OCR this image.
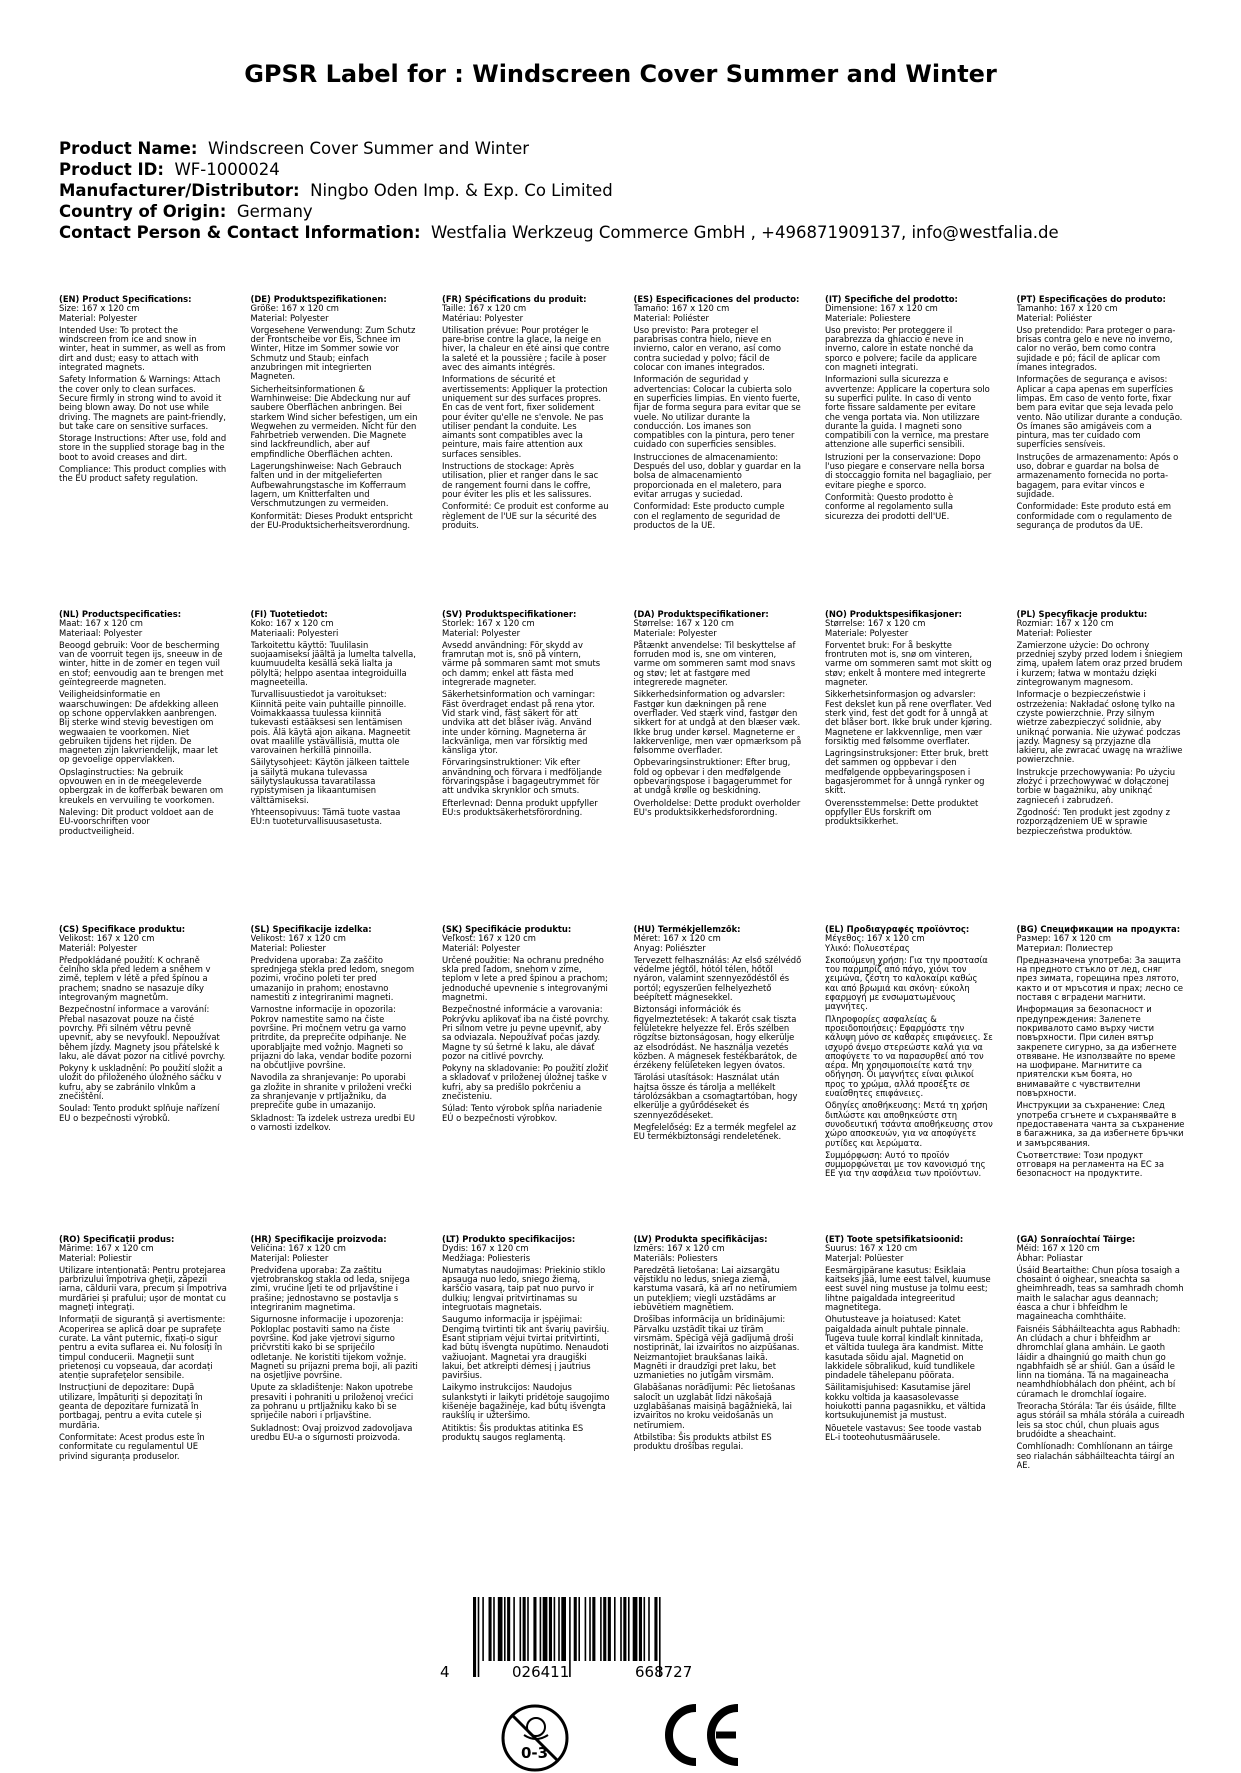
GPSR Label for : Windscreen Cover Summer and Winter
Product Name: Windscreen Cover Summer and Winter
Product ID: WF-1000024
Manufacturer/Distributor: Ningbo Oden Imp. & Exp. Co Limited
Country of Origin: Germany
Contact Person & Contact Information: Westfalia Werkzeug Commerce GmbH , +496871909137, info@westfalia.de
(EN) Product Specifications:

Size: 167 x 120 cm

Material: Polyester

Intended Use: To protect the windscreen from ice and snow in winter, heat in summer, as well as from dirt and dust; easy to attach with integrated magnets.

Safety Information & Warnings: Attach the cover only to clean surfaces. Secure firmly in strong wind to avoid it being blown away. Do not use while driving. The magnets are paint-friendly, but take care on sensitive surfaces.

Storage Instructions: After use, fold and store in the supplied storage bag in the boot to avoid creases and dirt.

Compliance: This product complies with the EU product safety regulation.

(DE) Produktspezifikationen:

Größe: 167 x 120 cm

Material: Polyester

Vorgesehene Verwendung: Zum Schutz der Frontscheibe vor Eis, Schnee im Winter, Hitze im Sommer sowie vor Schmutz und Staub; einfach anzubringen mit integrierten Magneten.

Sicherheitsinformationen & Warnhinweise: Die Abdeckung nur auf saubere Oberflächen anbringen. Bei starkem Wind sicher befestigen, um ein Wegwehen zu vermeiden. Nicht für den Fahrbetrieb verwenden. Die Magnete sind lackfreundlich, aber auf empfindliche Oberflächen achten.

Lagerungshinweise: Nach Gebrauch falten und in der mitgelieferten Aufbewahrungstasche im Kofferraum lagern, um Knitterfalten und Verschmutzungen zu vermeiden.

Konformität: Dieses Produkt entspricht der EU-Produktsicherheitsverordnung.

(FR) Spécifications du produit:

Taille: 167 x 120 cm

Matériau: Polyester

Utilisation prévue: Pour protéger le pare-brise contre la glace, la neige en hiver, la chaleur en été ainsi que contre la saleté et la poussière ; facile à poser avec des aimants intégrés.

Informations de sécurité et avertissements: Appliquer la protection uniquement sur des surfaces propres. En cas de vent fort, fixer solidement pour éviter qu'elle ne s'envole. Ne pas utiliser pendant la conduite. Les aimants sont compatibles avec la peinture, mais faire attention aux surfaces sensibles.

Instructions de stockage: Après utilisation, plier et ranger dans le sac de rangement fourni dans le coffre, pour éviter les plis et les salissures.

Conformité: Ce produit est conforme au règlement de l'UE sur la sécurité des produits.

(ES) Especificaciones del producto:

Tamaño: 167 x 120 cm

Material: Poliéster

Uso previsto: Para proteger el parabrisas contra hielo, nieve en invierno, calor en verano, así como contra suciedad y polvo; fácil de colocar con imanes integrados.

Información de seguridad y advertencias: Colocar la cubierta solo en superficies limpias. En viento fuerte, fijar de forma segura para evitar que se vuele. No utilizar durante la conducción. Los imanes son compatibles con la pintura, pero tener cuidado con superficies sensibles.

Instrucciones de almacenamiento: Después del uso, doblar y guardar en la bolsa de almacenamiento proporcionada en el maletero, para evitar arrugas y suciedad.

Conformidad: Este producto cumple con el reglamento de seguridad de productos de la UE.

(IT) Specifiche del prodotto:

Dimensione: 167 x 120 cm

Materiale: Poliestere

Uso previsto: Per proteggere il parabrezza da ghiaccio e neve in inverno, calore in estate nonché da sporco e polvere; facile da applicare con magneti integrati.

Informazioni sulla sicurezza e avvertenze: Applicare la copertura solo su superfici pulite. In caso di vento forte fissare saldamente per evitare che venga portata via. Non utilizzare durante la guida. I magneti sono compatibili con la vernice, ma prestare attenzione alle superfici sensibili.

Istruzioni per la conservazione: Dopo l'uso piegare e conservare nella borsa di stoccaggio fornita nel bagagliaio, per evitare pieghe e sporco.

Conformità: Questo prodotto è conforme al regolamento sulla sicurezza dei prodotti dell'UE.

(PT) Especificações do produto:

Tamanho: 167 x 120 cm

Material: Poliéster

Uso pretendido: Para proteger o para-brisas contra gelo e neve no inverno, calor no verão, bem como contra sujidade e pó; fácil de aplicar com ímanes integrados.

Informações de segurança e avisos: Aplicar a capa apenas em superfícies limpas. Em caso de vento forte, fixar bem para evitar que seja levada pelo vento. Não utilizar durante a condução. Os ímanes são amigáveis com a pintura, mas ter cuidado com superfícies sensíveis.

Instruções de armazenamento: Após o uso, dobrar e guardar na bolsa de armazenamento fornecida no porta-bagagem, para evitar vincos e sujidade.

Conformidade: Este produto está em conformidade com o regulamento de segurança de produtos da UE.

(NL) Productspecificaties:

Maat: 167 x 120 cm

Materiaal: Polyester

Beoogd gebruik: Voor de bescherming van de voorruit tegen ijs, sneeuw in de winter, hitte in de zomer en tegen vuil en stof; eenvoudig aan te brengen met geïntegreerde magneten.

Veiligheidsinformatie en waarschuwingen: De afdekking alleen op schone oppervlakken aanbrengen. Bij sterke wind stevig bevestigen om wegwaaien te voorkomen. Niet gebruiken tijdens het rijden. De magneten zijn lakvriendelijk, maar let op gevoelige oppervlakken.

Opslaginstructies: Na gebruik opvouwen en in de meegeleverde opbergzak in de kofferbak bewaren om kreukels en vervuiling te voorkomen.

Naleving: Dit product voldoet aan de EU-voorschriften voor productveiligheid.

(FI) Tuotetiedot:

Koko: 167 x 120 cm

Materiaali: Polyesteri

Tarkoitettu käyttö: Tuulilasin suojaamiseksi jäältä ja lumelta talvella, kuumuudelta kesällä sekä lialta ja pölyltä; helppo asentaa integroiduilla magneeteilla.

Turvallisuustiedot ja varoitukset: Kiinnitä peite vain puhtaille pinnoille. Voimakkaassa tuulessa kiinnitä tukevasti estääksesi sen lentämisen pois. Älä käytä ajon aikana. Magneetit ovat maalille ystävällisiä, mutta ole varovainen herkillä pinnoilla.

Säilytysohjeet: Käytön jälkeen taittele ja säilytä mukana tulevassa säilytyslaukussa tavaratilassa rypistymisen ja likaantumisen välttämiseksi.

Yhteensopivuus: Tämä tuote vastaa EU:n tuoteturvallisuusasetusta.

(SV) Produktspecifikationer:

Storlek: 167 x 120 cm

Material: Polyester

Avsedd användning: För skydd av framrutan mot is, snö på vintern, värme på sommaren samt mot smuts och damm; enkel att fästa med integrerade magneter.

Säkerhetsinformation och varningar: Fäst överdraget endast på rena ytor. Vid stark vind, fäst säkert för att undvika att det blåser iväg. Använd inte under körning. Magneterna är lackvänliga, men var försiktig med känsliga ytor.

Förvaringsinstruktioner: Vik efter användning och förvara i medföljande förvaringspåse i bagageutrymmet för att undvika skrynklor och smuts.

Efterlevnad: Denna produkt uppfyller EU:s produktsäkerhetsförordning.

(DA) Produktspecifikationer:

Størrelse: 167 x 120 cm

Materiale: Polyester

Påtænkt anvendelse: Til beskyttelse af forruden mod is, sne om vinteren, varme om sommeren samt mod snavs og støv; let at fastgøre med integrerede magneter.

Sikkerhedsinformation og advarsler: Fastgør kun dækningen på rene overflader. Ved stærk vind, fastgør den sikkert for at undgå at den blæser væk. Ikke brug under kørsel. Magneterne er lakkervenlige, men vær opmærksom på følsomme overflader.

Opbevaringsinstruktioner: Efter brug, fold og opbevar i den medfølgende opbevaringspose i bagagerummet for at undgå krølle og beskidning.

Overholdelse: Dette produkt overholder EU's produktsikkerhedsforordning.

(NO) Produktspesifikasjoner:

Størrelse: 167 x 120 cm

Materiale: Polyester

Forventet bruk: For å beskytte frontruten mot is, snø om vinteren, varme om sommeren samt mot skitt og støv; enkelt å montere med integrerte magneter.

Sikkerhetsinformasjon og advarsler: Fest dekslet kun på rene overflater. Ved sterk vind, fest det godt for å unngå at det blåser bort. Ikke bruk under kjøring. Magnetene er lakkvennlige, men vær forsiktig med følsomme overflater.

Lagringsinstruksjoner: Etter bruk, brett det sammen og oppbevar i den medfølgende oppbevaringsposen i bagasjerommet for å unngå rynker og skitt.

Overensstemmelse: Dette produktet oppfyller EUs forskrift om produktsikkerhet.

(PL) Specyfikacje produktu:

Rozmiar: 167 x 120 cm

Materiał: Poliester

Zamierzone użycie: Do ochrony przedniej szyby przed lodem i śniegiem zimą, upałem latem oraz przed brudem i kurzem; łatwa w montażu dzięki zintegrowanym magnesom.

Informacje o bezpieczeństwie i ostrzeżenia: Nakładać osłonę tylko na czyste powierzchnie. Przy silnym wietrze zabezpieczyć solidnie, aby uniknąć porwania. Nie używać podczas jazdy. Magnesy są przyjazne dla lakieru, ale zwracać uwagę na wrażliwe powierzchnie.

Instrukcje przechowywania: Po użyciu złożyć i przechowywać w dołączonej torbie w bagażniku, aby uniknąć zagnieceń i zabrudzeń.

Zgodność: Ten produkt jest zgodny z rozporządzeniem UE w sprawie bezpieczeństwa produktów.

(CS) Specifikace produktu:

Velikost: 167 x 120 cm

Materiál: Polyester

Předpokládané použití: K ochraně čelního skla před ledem a sněhem v zimě, teplem v létě a před špínou a prachem; snadno se nasazuje díky integrovaným magnetům.

Bezpečnostní informace a varování: Přebal nasazovat pouze na čisté povrchy. Při silném větru pevně upevnit, aby se nevyfoukl. Nepoužívat během jízdy. Magnety jsou přátelské k laku, ale dávat pozor na citlivé povrchy.

Pokyny k uskladnění: Po použití složit a uložit do přiloženého úložného sáčku v kufru, aby se zabránilo vlnkům a znečištění.

Soulad: Tento produkt splňuje nařízení EU o bezpečnosti výrobků.

(SL) Specifikacije izdelka:

Velikost: 167 x 120 cm

Material: Poliester

Predvidena uporaba: Za zaščito sprednjega stekla pred ledom, snegom pozimi, vročino poleti ter pred umazanijo in prahom; enostavno namestiti z integriranimi magneti.

Varnostne informacije in opozorila: Pokrov namestite samo na čiste površine. Pri močnem vetru ga varno pritrdite, da preprečite odpihanje. Ne uporabljajte med vožnjo. Magneti so prijazni do laka, vendar bodite pozorni na občutljive površine.

Navodila za shranjevanje: Po uporabi ga zložite in shranite v priloženi vrečki za shranjevanje v prtljažniku, da preprečite gube in umazanijo.

Skladnost: Ta izdelek ustreza uredbi EU o varnosti izdelkov.

(SK) Špecifikácie produktu:

Veľkosť: 167 x 120 cm

Materiál: Polyester

Určené použitie: Na ochranu predného skla pred ľadom, snehom v zime, teplom v lete a pred špinou a prachom; jednoduché upevnenie s integrovanými magnetmi.

Bezpečnostné informácie a varovania: Pokrývku aplikovať iba na čisté povrchy. Pri silnom vetre ju pevne upevniť, aby sa odviazala. Nepoužívať počas jazdy. Magne ty sú šetrné k laku, ale dávať pozor na citlivé povrchy.

Pokyny na skladovanie: Po použití zložiť a skladovať v priloženej úložnej taške v kufri, aby sa predišlo pokrčeniu a znečisteniu.

Súlad: Tento výrobok spĺňa nariadenie EÚ o bezpečnosti výrobkov.

(HU) Termékjellemzők:

Méret: 167 x 120 cm

Anyag: Poliészter

Tervezett felhasználás: Az első szélvédő védelme jégtől, hótól télen, hőtől nyáron, valamint szennyeződéstől és portól; egyszerűen felhelyezhető beépített mágnesekkel.

Biztonsági információk és figyelmeztetések: A takarót csak tiszta felületekre helyezze fel. Erős szélben rögzítse biztonságosan, hogy elkerülje az elsodródást. Ne használja vezetés közben. A mágnesek festékbarátok, de érzékeny felületeken legyen óvatos.

Tárolási utasítások: Használat után hajtsa össze és tárolja a mellékelt tárolózsákban a csomagtartóban, hogy elkerülje a gyűrődéseket és szennyeződéseket.

Megfelelőség: Ez a termék megfelel az EU termékbiztonsági rendeletének.

(EL) Προδιαγραφές προϊόντος:

Μέγεθος: 167 x 120 cm

Υλικό: Πολυεστέρας

Σκοπούμενη χρήση: Για την προστασία του παρμπρίζ από πάγο, χιόνι τον χειμώνα, ζέστη το καλοκαίρι καθώς και από βρωμιά και σκόνη· εύκολη εφαρμογή με ενσωματωμένους μαγνήτες.

Πληροφορίες ασφαλείας & προειδοποιήσεις: Εφαρμόστε την κάλυψη μόνο σε καθαρές επιφάνειες. Σε ισχυρό άνεμο στερεώστε καλά για να αποφύγετε το να παρασυρθεί από τον αέρα. Μη χρησιμοποιείτε κατά την οδήγηση. Οι μαγνήτες είναι φιλικοί προς το χρώμα, αλλά προσέξτε σε ευαίσθητες επιφάνειες.

Οδηγίες αποθήκευσης: Μετά τη χρήση διπλώστε και αποθηκεύστε στη συνοδευτική τσάντα αποθήκευσης στον χώρο αποσκευών, για να αποφύγετε ρυτίδες και λερώματα.

Συμμόρφωση: Αυτό το προϊόν συμμορφώνεται με τον κανονισμό της ΕΕ για την ασφάλεια των προϊόντων.

(BG) Спецификации на продукта:

Размер: 167 x 120 cm

Материал: Полиестер

Предназначена употреба: За защита на предното стъкло от лед, сняг през зимата, горещина през лятото, както и от мръсотия и прах; лесно се поставя с вградени магнити.

Информация за безопасност и предупреждения: Залепете покривалото само върху чисти повърхности. При силен вятър закрепете сигурно, за да избегнете отвяване. Не използвайте по време на шофиране. Магнитите са приятелски към боята, но внимавайте с чувствителни повърхности.

Инструкции за съхранение: След употреба сгънете и съхранявайте в предоставената чанта за съхранение в багажника, за да избегнете бръчки и замърсявания.

Съответствие: Този продукт отговаря на регламента на ЕС за безопасност на продуктите.

(RO) Specificații produs:

Mărime: 167 x 120 cm

Material: Poliestir

Utilizare intenționată: Pentru protejarea parbrizului împotriva gheții, zăpezii iarna, căldurii vara, precum și împotriva murdăriei și prafului; ușor de montat cu magneți integrați.

Informații de siguranță și avertismente: Acoperirea se aplică doar pe suprafețe curate. La vânt puternic, fixați-o sigur pentru a evita suflarea ei. Nu folosiți în timpul conducerii. Magneții sunt prietenoși cu vopseaua, dar acordați atenție suprafețelor sensibile.

Instrucțiuni de depozitare: După utilizare, împăturiți și depozitați în geanta de depozitare furnizată în portbagaj, pentru a evita cutele și murdăria.

Conformitate: Acest produs este în conformitate cu regulamentul UE privind siguranța produselor.

(HR) Specifikacije proizvoda:

Veličina: 167 x 120 cm

Materijal: Poliester

Predviđena uporaba: Za zaštitu vjetrobranskog stakla od leda, snijega zimi, vrućine ljeti te od prljavštine i prašine; jednostavno se postavlja s integriranim magnetima.

Sigurnosne informacije i upozorenja: Pokloplac postaviti samo na čiste površine. Kod jake vjetrovi sigurno pričvrstiti kako bi se spriječilo odletanje. Ne koristiti tijekom vožnje. Magneti su prijazni prema boji, ali paziti na osjetljive površine.

Upute za skladištenje: Nakon upotrebe presaviti i pohraniti u priloženoj vrećici za pohranu u prtljažniku kako bi se spriječile nabori i prljavštine.

Sukladnost: Ovaj proizvod zadovoljava uredbu EU-a o sigurnosti proizvoda.

(LT) Produkto specifikacijos:

Dydis: 167 x 120 cm

Medžiaga: Poliesteris

Numatytas naudojimas: Priekinio stiklo apsauga nuo ledo, sniego žiemą, karščio vasarą, taip pat nuo purvo ir dulkių; lengvai pritvirtinamas su integruotais magnetais.

Saugumo informacija ir įspėjimai: Dengimą tvirtinti tik ant švarių paviršių. Esant stipriam vėjui tvirtai pritvirtinti, kad būtų išvengta nupūtimo. Nenaudoti važiuojant. Magnetai yra draugiški lakui, bet atkreipti dėmesį į jautrius paviršius.

Laikymo instrukcijos: Naudojus sulankstyti ir laikyti pridėtoje saugojimo kišenėje bagažinėje, kad būtų išvengta raukšlių ir užteršimo.

Atitiktis: Šis produktas atitinka ES produktų saugos reglamentą.

(LV) Produkta specifikācijas:

Izmērs: 167 x 120 cm

Materiāls: Poliesters

Paredzētā lietošana: Lai aizsargātu vējstiklu no ledus, sniega ziemā, karstuma vasarā, kā arī no netīrumiem un putekļiem; viegli uzstādāms ar iebūvētiem magnētiem.

Drošības informācija un brīdinājumi: Pārvalku uzstādīt tikai uz tīrām virsmām. Spēcīgā vējā gadījumā droši nostiprināt, lai izvairītos no aizpūšanas. Neizmantojiet braukšanas laikā. Magnēti ir draudzīgi pret laku, bet uzmanieties no jutīgām virsmām.

Glabāšanas norādījumi: Pēc lietošanas salocīt un uzglabāt līdzi nākošajā uzglabāšanas maisiņā bagāžniekā, lai izvairītos no kroku veidošanās un netīrumiem.

Atbilstība: Šis produkts atbilst ES produktu drošības regulai.

(ET) Toote spetsifikatsioonid:

Suurus: 167 x 120 cm

Materjal: Polüester

Eesmärgipärane kasutus: Esiklaia kaitseks jää, lume eest talvel, kuumuse eest suvel ning mustuse ja tolmu eest; lihtne paigaldada integreeritud magnetitega.

Ohutusteave ja hoiatused: Katet paigaldada ainult puhtale pinnale. Tugeva tuule korral kindlalt kinnitada, et vältida tuulega ära kandmist. Mitte kasutada sõidu ajal. Magnetid on lakkidele sõbralikud, kuid tundlikele pindadele tähelepanu pöörata.

Säilitamisjuhised: Kasutamise järel kokku voltida ja kaasasolevasse hoiukotti panna pagasnikku, et vältida kortsukujunemist ja mustust.

Nõuetele vastavus: See toode vastab EL-i tooteohutusmäärusele.

(GA) Sonraíochtaí Táirge:

Méid: 167 x 120 cm

Ábhar: Poliastar

Úsáid Beartaithe: Chun píosa tosaigh a chosaint ó oighear, sneachta sa gheimhreadh, teas sa samhradh chomh maith le salachar agus deannach; éasca a chur i bhfeidhm le magaineacha comhtháite.

Faisnéis Sábháilteachta agus Rabhadh: An clúdach a chur i bhfeidhm ar dhromchlaí glana amháin. Le gaoth láidir a dhaingniú go maith chun go ngabhfaidh sé ar shiúl. Gan a úsáid le linn na tiomána. Tá na magaineacha neamhdhíobhálach don phéint, ach bí cúramach le dromchlaí íogaire.

Treoracha Stórála: Tar éis úsáide, fillte agus stóráil sa mhála stórála a cuireadh leis sa stoc chúl, chun pluais agus brudóidte a sheachaint.

Comhlíonadh: Comhlíonann an táirge seo rialachán sábháilteachta táirgí an AE.

4	026411	668727
0-3
